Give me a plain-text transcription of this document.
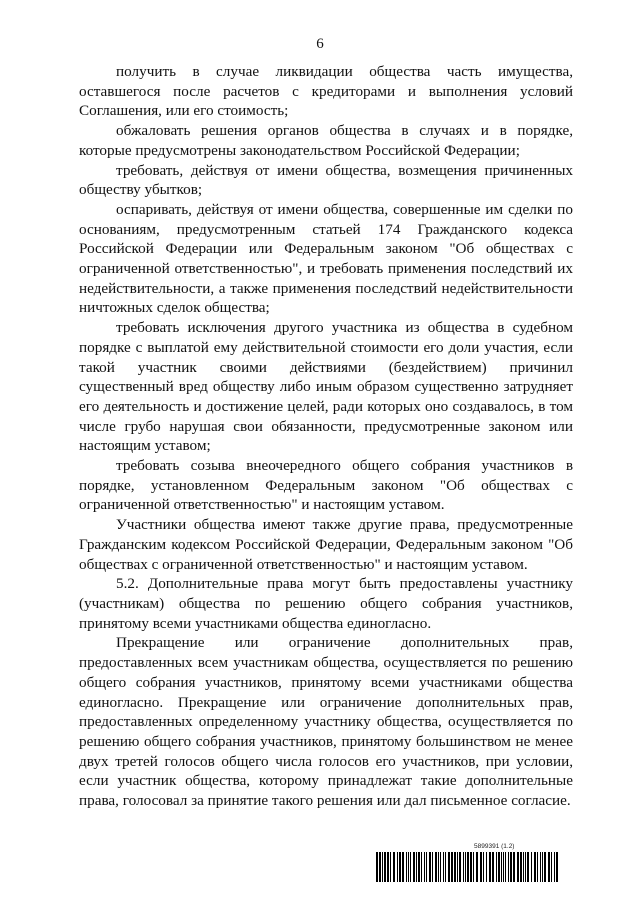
6

получить в случае ликвидации общества часть имущества, оставшегося после расчетов с кредиторами и выполнения условий Соглашения, или его стоимость;

обжаловать решения органов общества в случаях и в порядке, которые предусмотрены законодательством Российской Федерации;

требовать, действуя от имени общества, возмещения причиненных обществу убытков;

оспаривать, действуя от имени общества, совершенные им сделки по основаниям, предусмотренным статьей 174 Гражданского кодекса Российской Федерации или Федеральным законом "Об обществах с ограниченной ответственностью", и требовать применения последствий их недействительности, а также применения последствий недействительности ничтожных сделок общества;

требовать исключения другого участника из общества в судебном порядке с выплатой ему действительной стоимости его доли участия, если такой участник своими действиями (бездействием) причинил существенный вред обществу либо иным образом существенно затрудняет его деятельность и достижение целей, ради которых оно создавалось, в том числе грубо нарушая свои обязанности, предусмотренные законом или настоящим уставом;

требовать созыва внеочередного общего собрания участников в порядке, установленном Федеральным законом "Об обществах с ограниченной ответственностью" и настоящим уставом.

Участники общества имеют также другие права, предусмотренные Гражданским кодексом Российской Федерации, Федеральным законом "Об обществах с ограниченной ответственностью" и настоящим уставом.

5.2. Дополнительные права могут быть предоставлены участнику (участникам) общества по решению общего собрания участников, принятому всеми участниками общества единогласно.

Прекращение или ограничение дополнительных прав, предоставленных всем участникам общества, осуществляется по решению общего собрания участников, принятому всеми участниками общества единогласно. Прекращение или ограничение дополнительных прав, предоставленных определенному участнику общества, осуществляется по решению общего собрания участников, принятому большинством не менее двух третей голосов общего числа голосов его участников, при условии, если участник общества, которому принадлежат такие дополнительные права, голосовал за принятие такого решения или дал письменное согласие.

5899391 (1.2)
